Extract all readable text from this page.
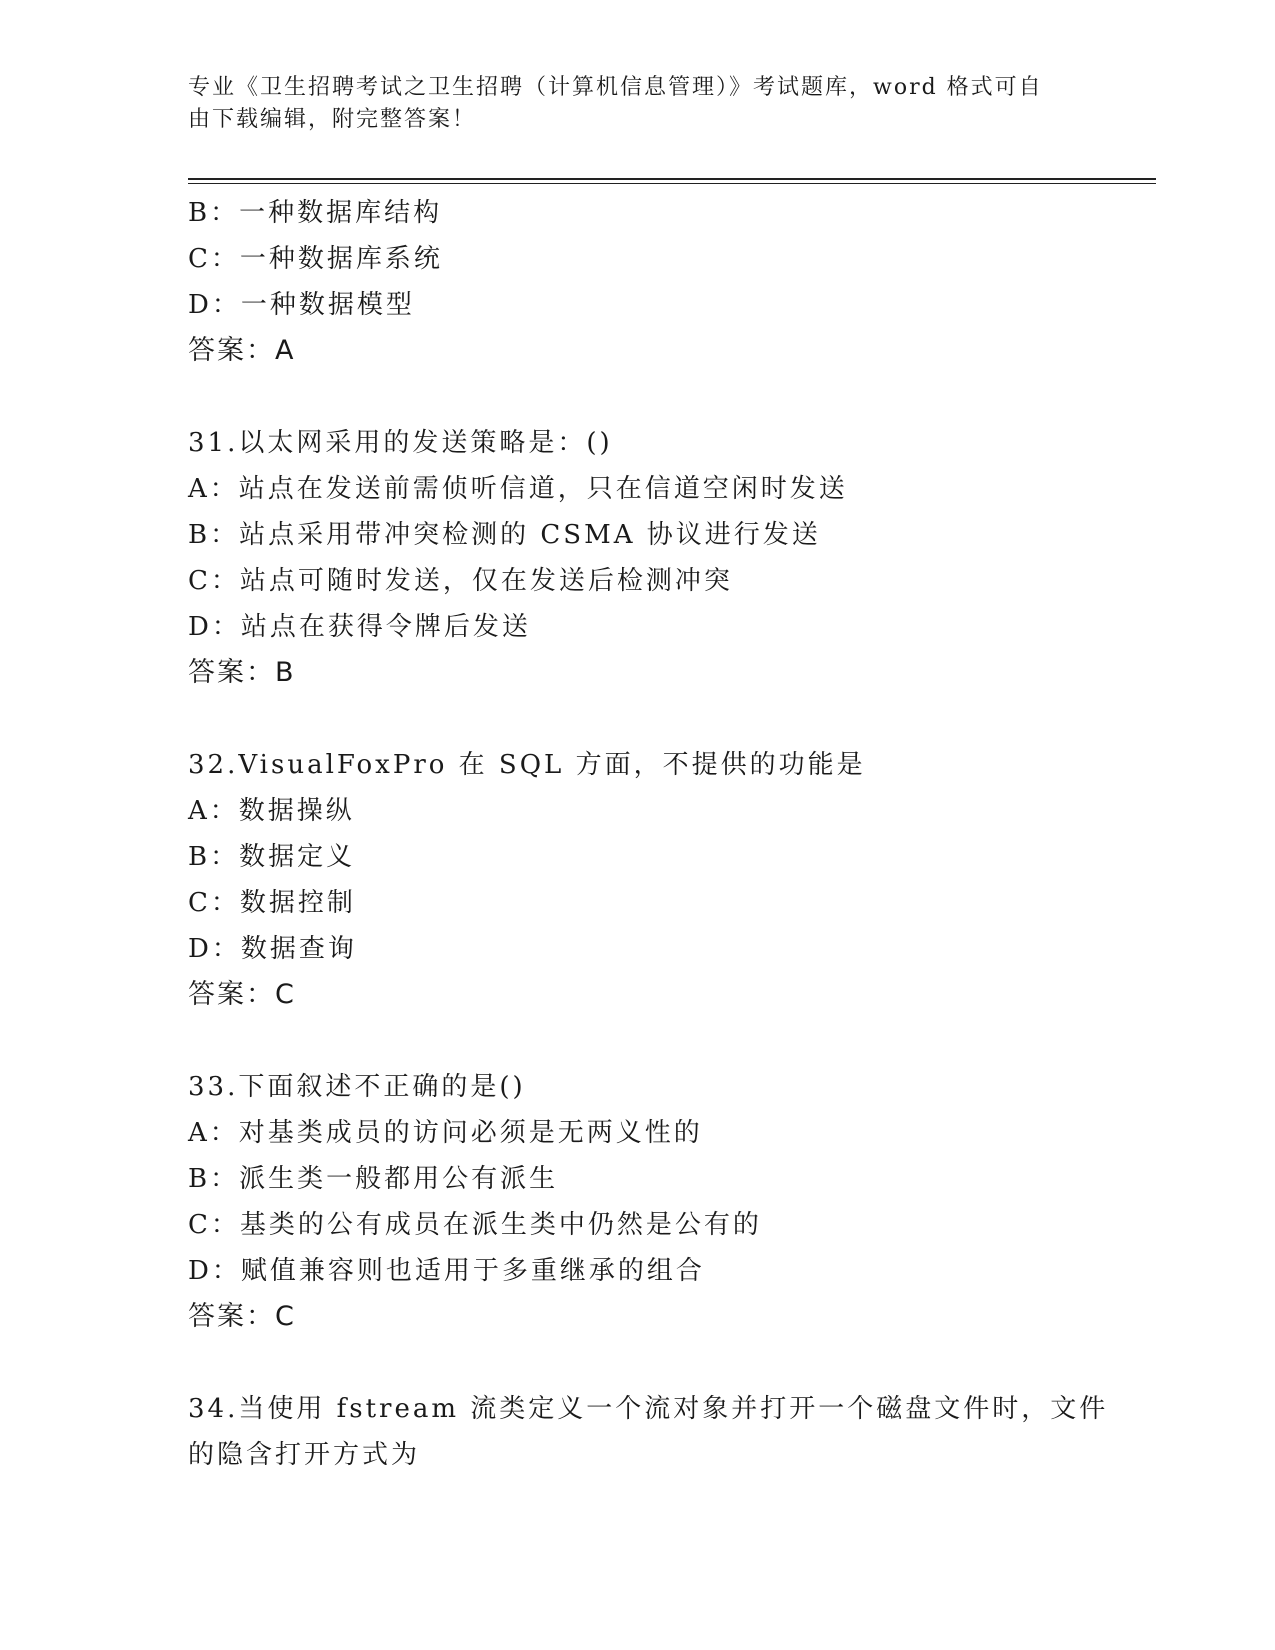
专业《卫生招聘考试之卫生招聘（计算机信息管理）》考试题库，word 格式可自
由下载编辑，附完整答案！
B：一种数据库结构
C：一种数据库系统
D：一种数据模型
答案：A
31.以太网采用的发送策略是：()
A：站点在发送前需侦听信道，只在信道空闲时发送
B：站点采用带冲突检测的 CSMA 协议进行发送
C：站点可随时发送，仅在发送后检测冲突
D：站点在获得令牌后发送
答案：B
32.VisualFoxPro 在 SQL 方面，不提供的功能是
A：数据操纵
B：数据定义
C：数据控制
D：数据查询
答案：C
33.下面叙述不正确的是()
A：对基类成员的访问必须是无两义性的
B：派生类一般都用公有派生
C：基类的公有成员在派生类中仍然是公有的
D：赋值兼容则也适用于多重继承的组合
答案：C
34.当使用 fstream 流类定义一个流对象并打开一个磁盘文件时，文件
的隐含打开方式为
